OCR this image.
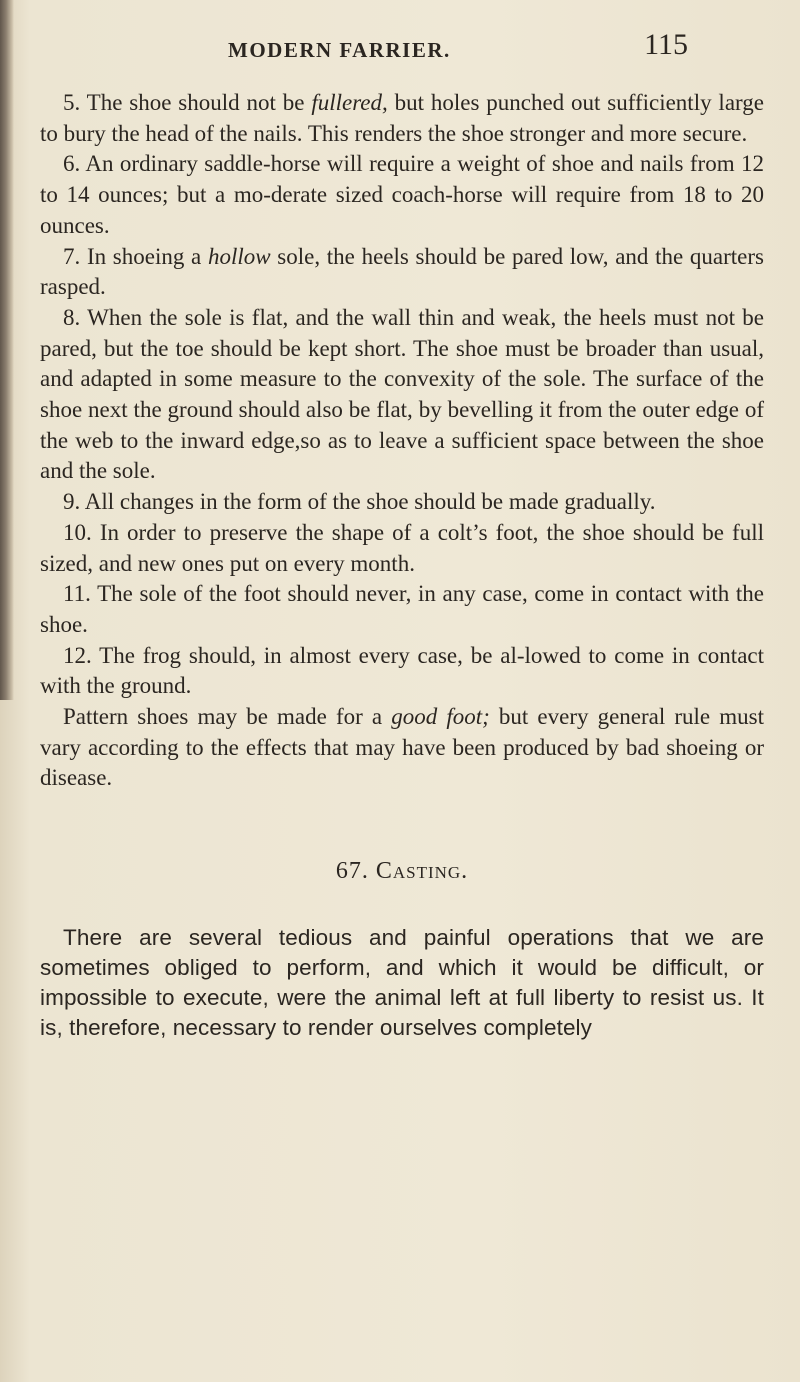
MODERN FARRIER.	115

5. The shoe should not be fullered, but holes punched out sufficiently large to bury the head of the nails. This renders the shoe stronger and more secure.

6. An ordinary saddle-horse will require a weight of shoe and nails from 12 to 14 ounces; but a mo-derate sized coach-horse will require from 18 to 20 ounces.

7. In shoeing a hollow sole, the heels should be pared low, and the quarters rasped.

8. When the sole is flat, and the wall thin and weak, the heels must not be pared, but the toe should be kept short. The shoe must be broader than usual, and adapted in some measure to the convexity of the sole. The surface of the shoe next the ground should also be flat, by bevelling it from the outer edge of the web to the inward edge,so as to leave a sufficient space between the shoe and the sole.

9. All changes in the form of the shoe should be made gradually.

10. In order to preserve the shape of a colt’s foot, the shoe should be full sized, and new ones put on every month.

11. The sole of the foot should never, in any case, come in contact with the shoe.

12. The frog should, in almost every case, be al-lowed to come in contact with the ground.

Pattern shoes may be made for a good foot; but every general rule must vary according to the effects that may have been produced by bad shoeing or disease.

67. Casting.

There are several tedious and painful operations that we are sometimes obliged to perform, and which it would be difficult, or impossible to execute, were the animal left at full liberty to resist us. It is, therefore, necessary to render ourselves completely
